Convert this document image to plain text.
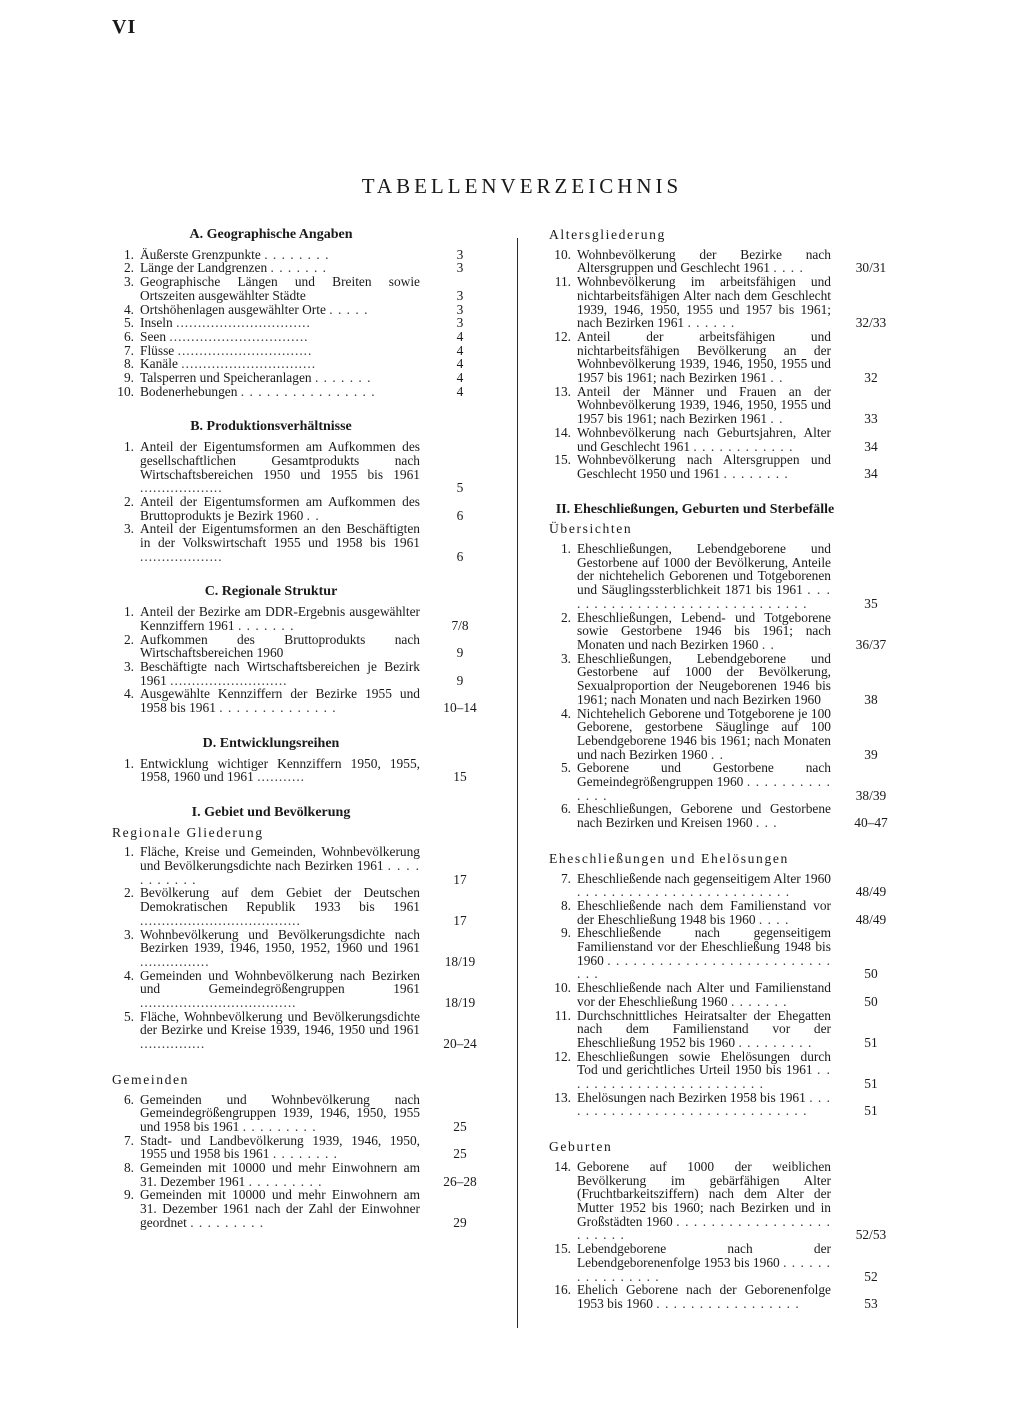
VI
TABELLENVERZEICHNIS
A. Geographische Angaben
1. Äußerste Grenzpunkte . . . . . . . .	3
2. Länge der Landgrenzen . . . . . . .	3
3. Geographische Längen und Breiten sowie Ortszeiten ausgewählter Städte	3
4. Ortshöhenlagen ausgewählter Orte . . . . .	3
5. Inseln ...............................	3
6. Seen ................................	4
7. Flüsse ...............................	4
8. Kanäle ...............................	4
9. Talsperren und Speicheranlagen . . . . . . .	4
10. Bodenerhebungen . . . . . . . . . . . . . . . .	4
B. Produktionsverhältnisse
1. Anteil der Eigentumsformen am Aufkommen des gesellschaftlichen Gesamtprodukts nach Wirtschaftsbereichen 1950 und 1955 bis 1961 ...................	5
2. Anteil der Eigentumsformen am Aufkommen des Bruttoprodukts je Bezirk 1960 . .	6
3. Anteil der Eigentumsformen an den Beschäftigten in der Volkswirtschaft 1955 und 1958 bis 1961 ...................	6
C. Regionale Struktur
1. Anteil der Bezirke am DDR-Ergebnis ausgewählter Kennziffern 1961 . . . . . . .	7/8
2. Aufkommen des Bruttoprodukts nach Wirtschaftsbereichen 1960	9
3. Beschäftigte nach Wirtschaftsbereichen je Bezirk 1961 ...........................	9
4. Ausgewählte Kennziffern der Bezirke 1955 und 1958 bis 1961 . . . . . . . . . . . . . .	10–14
D. Entwicklungsreihen
1. Entwicklung wichtiger Kennziffern 1950, 1955, 1958, 1960 und 1961 ...........	15
I. Gebiet und Bevölkerung
Regionale Gliederung
1. Fläche, Kreise und Gemeinden, Wohnbevölkerung und Bevölkerungsdichte nach Bezirken 1961 . . . . . . . . . . .	17
2. Bevölkerung auf dem Gebiet der Deutschen Demokratischen Republik 1933 bis 1961 .....................................	17
3. Wohnbevölkerung und Bevölkerungsdichte nach Bezirken 1939, 1946, 1950, 1952, 1960 und 1961 ................	18/19
4. Gemeinden und Wohnbevölkerung nach Bezirken und Gemeindegrößengruppen 1961 ....................................	18/19
5. Fläche, Wohnbevölkerung und Bevölkerungsdichte der Bezirke und Kreise 1939, 1946, 1950 und 1961 ...............	20–24
Gemeinden
6. Gemeinden und Wohnbevölkerung nach Gemeindegrößengruppen 1939, 1946, 1950, 1955 und 1958 bis 1961 . . . . . . . . .	25
7. Stadt- und Landbevölkerung 1939, 1946, 1950, 1955 und 1958 bis 1961 . . . . . . . .	25
8. Gemeinden mit 10000 und mehr Einwohnern am 31. Dezember 1961 . . . . . . . . .	26–28
9. Gemeinden mit 10000 und mehr Einwohnern am 31. Dezember 1961 nach der Zahl der Einwohner geordnet . . . . . . . . .	29
Altersgliederung
10. Wohnbevölkerung der Bezirke nach Altersgruppen und Geschlecht 1961 . . . .	30/31
11. Wohnbevölkerung im arbeitsfähigen und nichtarbeitsfähigen Alter nach dem Geschlecht 1939, 1946, 1950, 1955 und 1957 bis 1961; nach Bezirken 1961 . . . . . .	32/33
12. Anteil der arbeitsfähigen und nichtarbeitsfähigen Bevölkerung an der Wohnbevölkerung 1939, 1946, 1950, 1955 und 1957 bis 1961; nach Bezirken 1961 . .	32
13. Anteil der Männer und Frauen an der Wohnbevölkerung 1939, 1946, 1950, 1955 und 1957 bis 1961; nach Bezirken 1961 . .	33
14. Wohnbevölkerung nach Geburtsjahren, Alter und Geschlecht 1961 . . . . . . . . . . . .	34
15. Wohnbevölkerung nach Altersgruppen und Geschlecht 1950 und 1961 . . . . . . . .	34
II. Eheschließungen, Geburten und Sterbefälle
Übersichten
1. Eheschließungen, Lebendgeborene und Gestorbene auf 1000 der Bevölkerung, Anteile der nichtehelich Geborenen und Totgeborenen und Säuglingssterblichkeit 1871 bis 1961 . . . . . . . . . . . . . . . . . . . . . . . . . . . . . .	35
2. Eheschließungen, Lebend- und Totgeborene sowie Gestorbene 1946 bis 1961; nach Monaten und nach Bezirken 1960 . .	36/37
3. Eheschließungen, Lebendgeborene und Gestorbene auf 1000 der Bevölkerung, Sexualproportion der Neugeborenen 1946 bis 1961; nach Monaten und nach Bezirken 1960	38
4. Nichtehelich Geborene und Totgeborene je 100 Geborene, gestorbene Säuglinge auf 100 Lebendgeborene 1946 bis 1961; nach Monaten und nach Bezirken 1960 . .	39
5. Geborene und Gestorbene nach Gemeindegrößengruppen 1960 . . . . . . . . . . . . . .	38/39
6. Eheschließungen, Geborene und Gestorbene nach Bezirken und Kreisen 1960 . . .	40–47
Eheschließungen und Ehelösungen
7. Eheschließende nach gegenseitigem Alter 1960 . . . . . . . . . . . . . . . . . . . . . . . . .	48/49
8. Eheschließende nach dem Familienstand vor der Eheschließung 1948 bis 1960 . . . .	48/49
9. Eheschließende nach gegenseitigem Familienstand vor der Eheschließung 1948 bis 1960 . . . . . . . . . . . . . . . . . . . . . . . . . . . . .	50
10. Eheschließende nach Alter und Familienstand vor der Eheschließung 1960 . . . . . . .	50
11. Durchschnittliches Heiratsalter der Ehegatten nach dem Familienstand vor der Eheschließung 1952 bis 1960 . . . . . . . . .	51
12. Eheschließungen sowie Ehelösungen durch Tod und gerichtliches Urteil 1950 bis 1961 . . . . . . . . . . . . . . . . . . . . . . . .	51
13. Ehelösungen nach Bezirken 1958 bis 1961 . . . . . . . . . . . . . . . . . . . . . . . . . . . . . .	51
Geburten
14. Geborene auf 1000 der weiblichen Bevölkerung im gebärfähigen Alter (Fruchtbarkeitsziffern) nach dem Alter der Mutter 1952 bis 1960; nach Bezirken und in Großstädten 1960 . . . . . . . . . . . . . . . . . . . . . . . .	52/53
15. Lebendgeborene nach der Lebendgeborenenfolge 1953 bis 1960 . . . . . . . . . . . . . . . .	52
16. Ehelich Geborene nach der Geborenenfolge 1953 bis 1960 . . . . . . . . . . . . . . . . .	53
